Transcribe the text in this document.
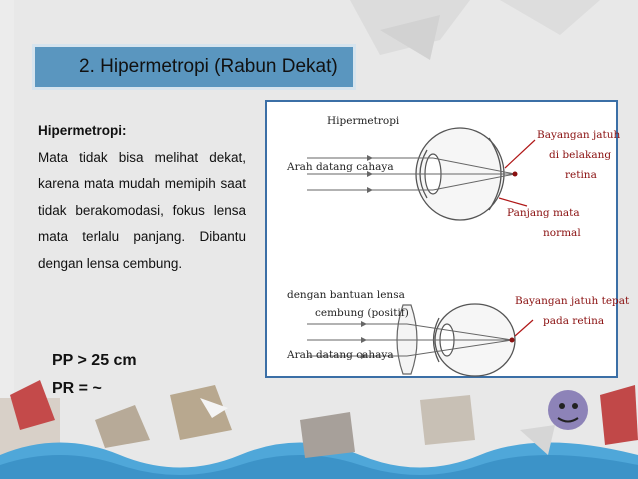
2. Hipermetropi (Rabun Dekat)
Hipermetropi:
Mata tidak bisa melihat dekat, karena mata mudah memipih saat tidak berakomodasi, fokus lensa mata terlalu panjang. Dibantu dengan lensa cembung.
PP > 25 cm
PR = ~
Hipermetropi
Arah datang cahaya
Bayangan jatuh
di belakang
retina
Panjang mata
normal
dengan bantuan lensa
cembung (positif)
Arah datang cahaya
Bayangan jatuh tepat
pada retina
